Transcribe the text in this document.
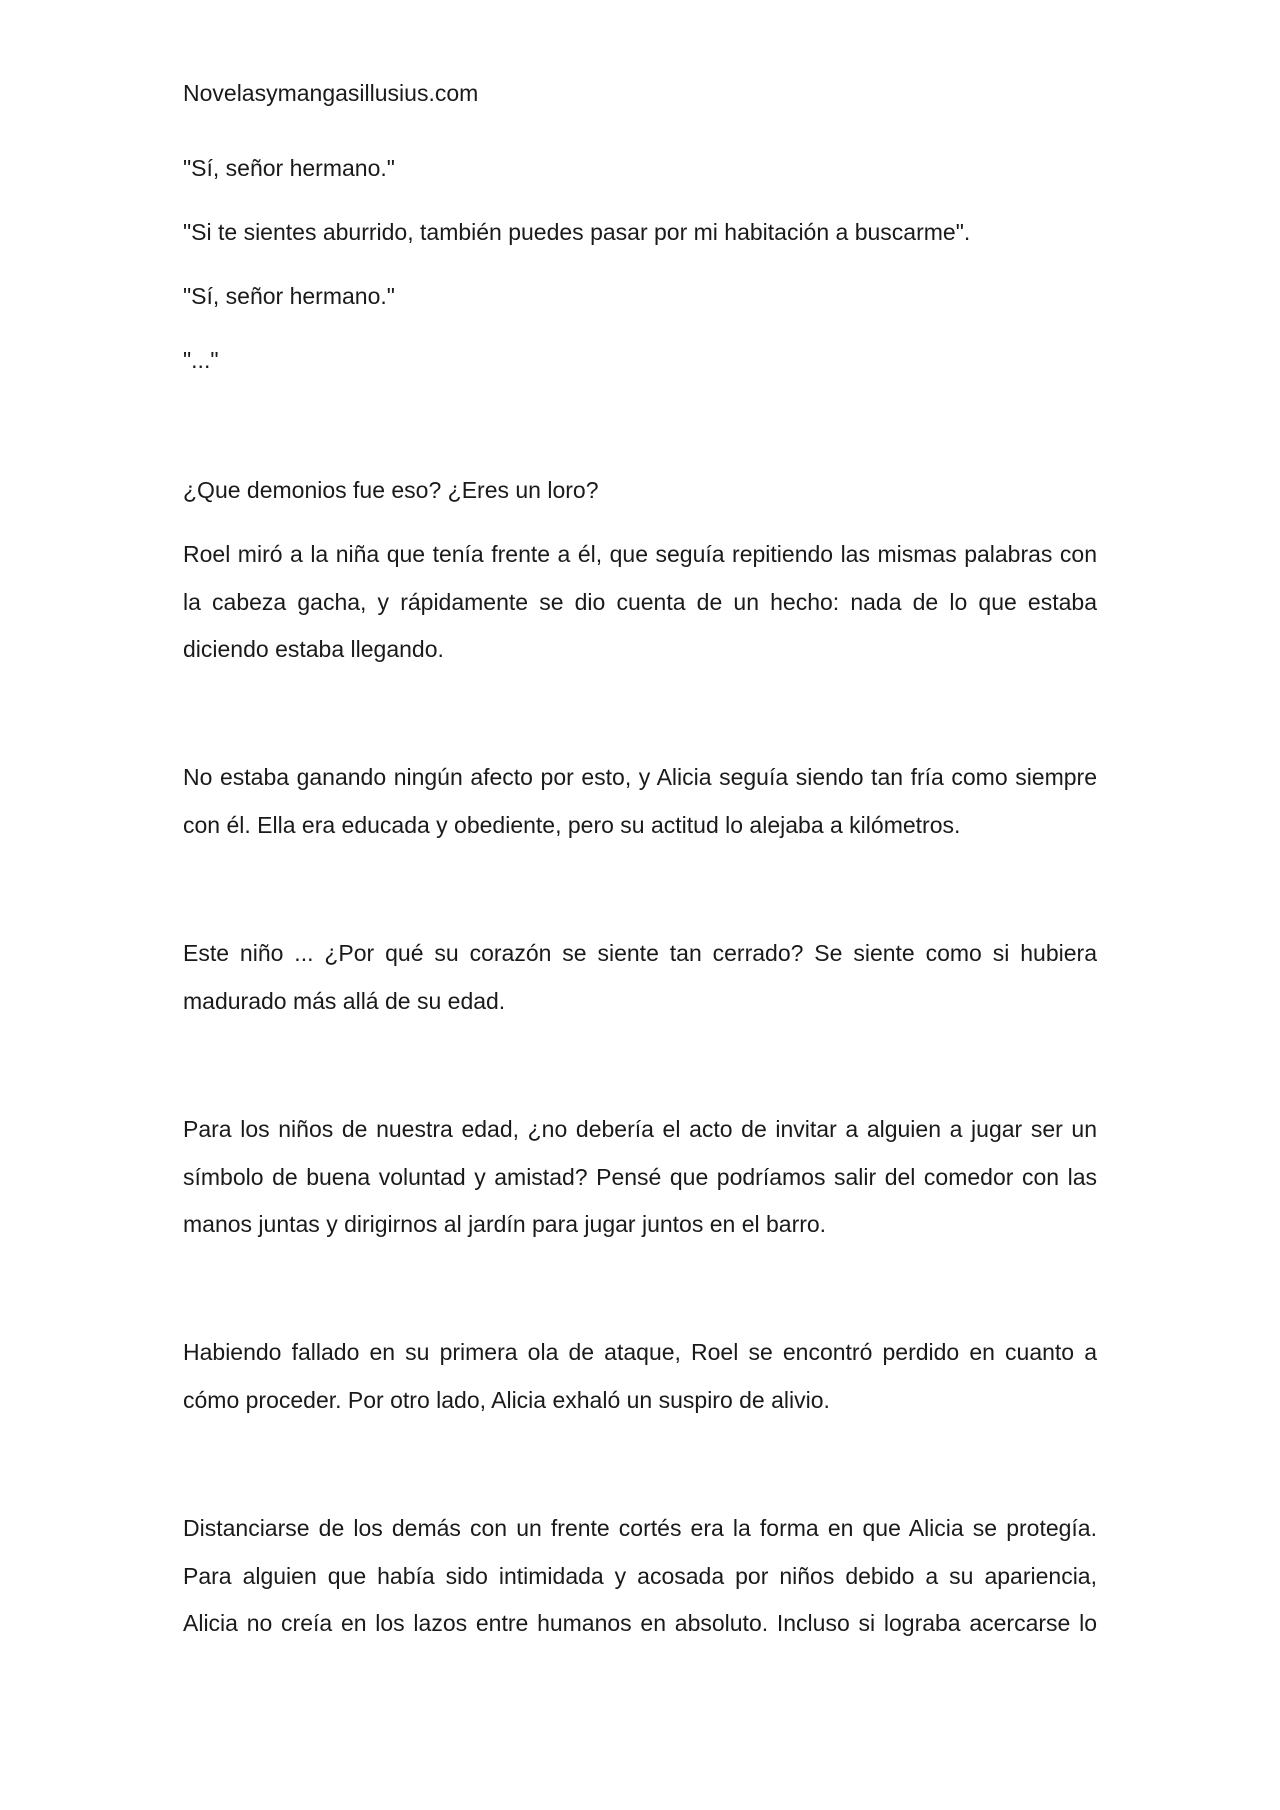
Novelasymangasillusius.com

"Sí, señor hermano."

"Si te sientes aburrido, también puedes pasar por mi habitación a buscarme".

"Sí, señor hermano."

"..."

¿Que demonios fue eso? ¿Eres un loro?

Roel miró a la niña que tenía frente a él, que seguía repitiendo las mismas palabras con la cabeza gacha, y rápidamente se dio cuenta de un hecho: nada de lo que estaba diciendo estaba llegando.

No estaba ganando ningún afecto por esto, y Alicia seguía siendo tan fría como siempre con él. Ella era educada y obediente, pero su actitud lo alejaba a kilómetros.

Este niño ... ¿Por qué su corazón se siente tan cerrado? Se siente como si hubiera madurado más allá de su edad.

Para los niños de nuestra edad, ¿no debería el acto de invitar a alguien a jugar ser un símbolo de buena voluntad y amistad? Pensé que podríamos salir del comedor con las manos juntas y dirigirnos al jardín para jugar juntos en el barro.

Habiendo fallado en su primera ola de ataque, Roel se encontró perdido en cuanto a cómo proceder. Por otro lado, Alicia exhaló un suspiro de alivio.

Distanciarse de los demás con un frente cortés era la forma en que Alicia se protegía. Para alguien que había sido intimidada y acosada por niños debido a su apariencia, Alicia no creía en los lazos entre humanos en absoluto. Incluso si lograba acercarse lo
